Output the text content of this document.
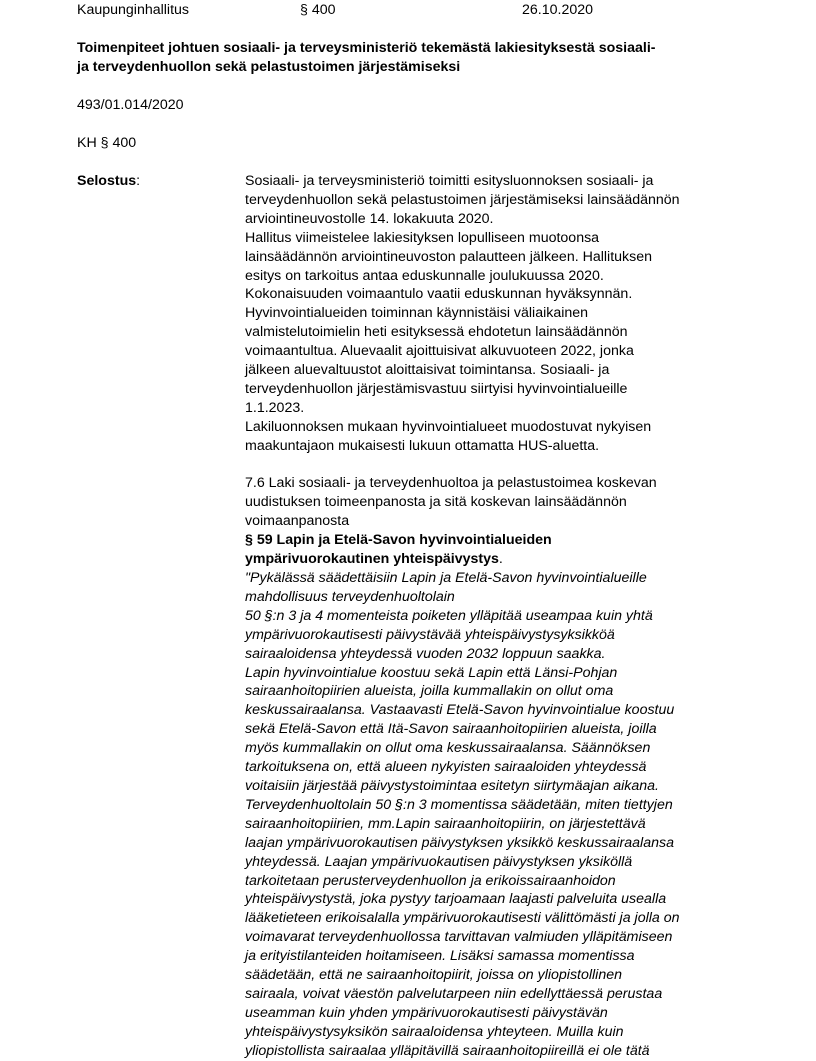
Kaupunginhallitus	§ 400	26.10.2020
Toimenpiteet johtuen sosiaali- ja terveysministeriö tekemästä lakiesityksestä sosiaali-
ja terveydenhuollon sekä pelastustoimen järjestämiseksi

493/01.014/2020

KH § 400

Selostus:	Sosiaali- ja terveysministeriö toimitti esitysluonnoksen sosiaali- ja
terveydenhuollon sekä pelastustoimen järjestämiseksi lainsäädännön
arviointineuvostolle 14. lokakuuta 2020.
Hallitus viimeistelee lakiesityksen lopulliseen muotoonsa
lainsäädännön arviointineuvoston palautteen jälkeen. Hallituksen
esitys on tarkoitus antaa eduskunnalle joulukuussa 2020.
Kokonaisuuden voimaantulo vaatii eduskunnan hyväksynnän.
Hyvinvointialueiden toiminnan käynnistäisi väliaikainen
valmistelutoimielin heti esityksessä ehdotetun lainsäädännön
voimaantultua. Aluevaalit ajoittuisivat alkuvuoteen 2022, jonka
jälkeen aluevaltuustot aloittaisivat toimintansa. Sosiaali- ja
terveydenhuollon järjestämisvastuu siirtyisi hyvinvointialueille
1.1.2023.
Lakiluonnoksen mukaan hyvinvointialueet muodostuvat nykyisen
maakuntajaon mukaisesti lukuun ottamatta HUS-aluetta.
7.6 Laki sosiaali- ja terveydenhuoltoa ja pelastustoimea koskevan
uudistuksen toimeenpanosta ja sitä koskevan lainsäädännön
voimaanpanosta
§ 59 Lapin ja Etelä-Savon hyvinvointialueiden
ympärivuorokautinen yhteispäivystys.
"Pykälässä säädettäisiin Lapin ja Etelä-Savon hyvinvointialueille
mahdollisuus terveydenhuoltolain
50 §:n 3 ja 4 momenteista poiketen ylläpitää useampaa kuin yhtä
ympärivuorokautisesti päivystävää yhteispäivystysyksikköä
sairaaloidensa yhteydessä vuoden 2032 loppuun saakka.
Lapin hyvinvointialue koostuu sekä Lapin että Länsi-Pohjan
sairaanhoitopiirien alueista, joilla kummallakin on ollut oma
keskussairaalansa. Vastaavasti Etelä-Savon hyvinvointialue koostuu
sekä Etelä-Savon että Itä-Savon sairaanhoitopiirien alueista, joilla
myös kummallakin on ollut oma keskussairaalansa. Säännöksen
tarkoituksena on, että alueen nykyisten sairaaloiden yhteydessä
voitaisiin järjestää päivystystoimintaa esitetyn siirtymäajan aikana.
Terveydenhuoltolain 50 §:n 3 momentissa säädetään, miten tiettyjen
sairaanhoitopiirien, mm.Lapin sairaanhoitopiirin, on järjestettävä
laajan ympärivuorokautisen päivystyksen yksikkö keskussairaalansa
yhteydessä. Laajan ympärivuokautisen päivystyksen yksiköllä
tarkoitetaan perusterveydenhuollon ja erikoissairaanhoidon
yhteispäivystystä, joka pystyy tarjoamaan laajasti palveluita usealla
lääketieteen erikoisalalla ympärivuorokautisesti välittömästi ja jolla on
voimavarat terveydenhuollossa tarvittavan valmiuden ylläpitämiseen
ja erityistilanteiden hoitamiseen. Lisäksi samassa momentissa
säädetään, että ne sairaanhoitopiirit, joissa on yliopistollinen
sairaala, voivat väestön palvelutarpeen niin edellyttäessä perustaa
useamman kuin yhden ympärivuorokautisesti päivystävän
yhteispäivystysyksikön sairaaloidensa yhteyteen. Muilla kuin
yliopistollista sairaalaa ylläpitävillä sairaanhoitopiireillä ei ole tätä
